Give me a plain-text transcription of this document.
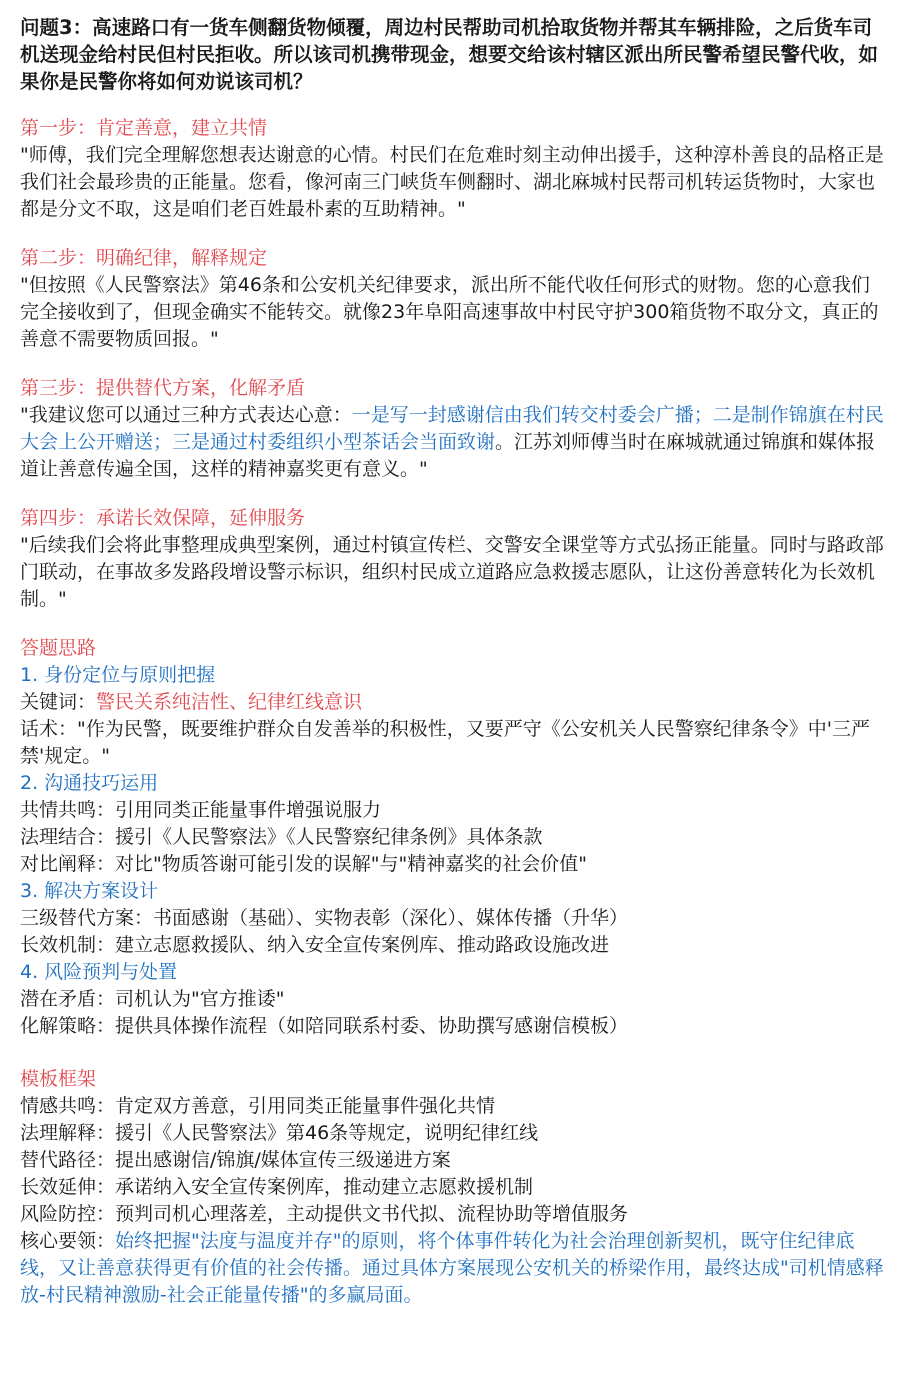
问题3：高速路口有一货车侧翻货物倾覆，周边村民帮助司机拾取货物并帮其车辆排险，之后货车司机送现金给村民但村民拒收。所以该司机携带现金，想要交给该村辖区派出所民警希望民警代收，如果你是民警你将如何劝说该司机？

第一步：肯定善意，建立共情

"师傅，我们完全理解您想表达谢意的心情。村民们在危难时刻主动伸出援手，这种淳朴善良的品格正是我们社会最珍贵的正能量。您看，像河南三门峡货车侧翻时、湖北麻城村民帮司机转运货物时，大家也都是分文不取，这是咱们老百姓最朴素的互助精神。"

第二步：明确纪律，解释规定

"但按照《人民警察法》第46条和公安机关纪律要求，派出所不能代收任何形式的财物。您的心意我们完全接收到了，但现金确实不能转交。就像23年阜阳高速事故中村民守护300箱货物不取分文，真正的善意不需要物质回报。"

第三步：提供替代方案，化解矛盾

"我建议您可以通过三种方式表达心意：一是写一封感谢信由我们转交村委会广播；二是制作锦旗在村民大会上公开赠送；三是通过村委组织小型茶话会当面致谢。江苏刘师傅当时在麻城就通过锦旗和媒体报道让善意传遍全国，这样的精神嘉奖更有意义。"

第四步：承诺长效保障，延伸服务

"后续我们会将此事整理成典型案例，通过村镇宣传栏、交警安全课堂等方式弘扬正能量。同时与路政部门联动，在事故多发路段增设警示标识，组织村民成立道路应急救援志愿队，让这份善意转化为长效机制。"

答题思路

1. 身份定位与原则把握

关键词：警民关系纯洁性、纪律红线意识

话术："作为民警，既要维护群众自发善举的积极性，又要严守《公安机关人民警察纪律条令》中'三严禁'规定。"

2. 沟通技巧运用

共情共鸣：引用同类正能量事件增强说服力

法理结合：援引《人民警察法》《人民警察纪律条例》具体条款

对比阐释：对比"物质答谢可能引发的误解"与"精神嘉奖的社会价值"

3. 解决方案设计

三级替代方案：书面感谢（基础）、实物表彰（深化）、媒体传播（升华）

长效机制：建立志愿救援队、纳入安全宣传案例库、推动路政设施改进

4. 风险预判与处置

潜在矛盾：司机认为"官方推诿"

化解策略：提供具体操作流程（如陪同联系村委、协助撰写感谢信模板）

模板框架

情感共鸣：肯定双方善意，引用同类正能量事件强化共情

法理解释：援引《人民警察法》第46条等规定，说明纪律红线

替代路径：提出感谢信/锦旗/媒体宣传三级递进方案

长效延伸：承诺纳入安全宣传案例库，推动建立志愿救援机制

风险防控：预判司机心理落差，主动提供文书代拟、流程协助等增值服务

核心要领：始终把握"法度与温度并存"的原则，将个体事件转化为社会治理创新契机，既守住纪律底线，又让善意获得更有价值的社会传播。通过具体方案展现公安机关的桥梁作用，最终达成"司机情感释放-村民精神激励-社会正能量传播"的多赢局面。
